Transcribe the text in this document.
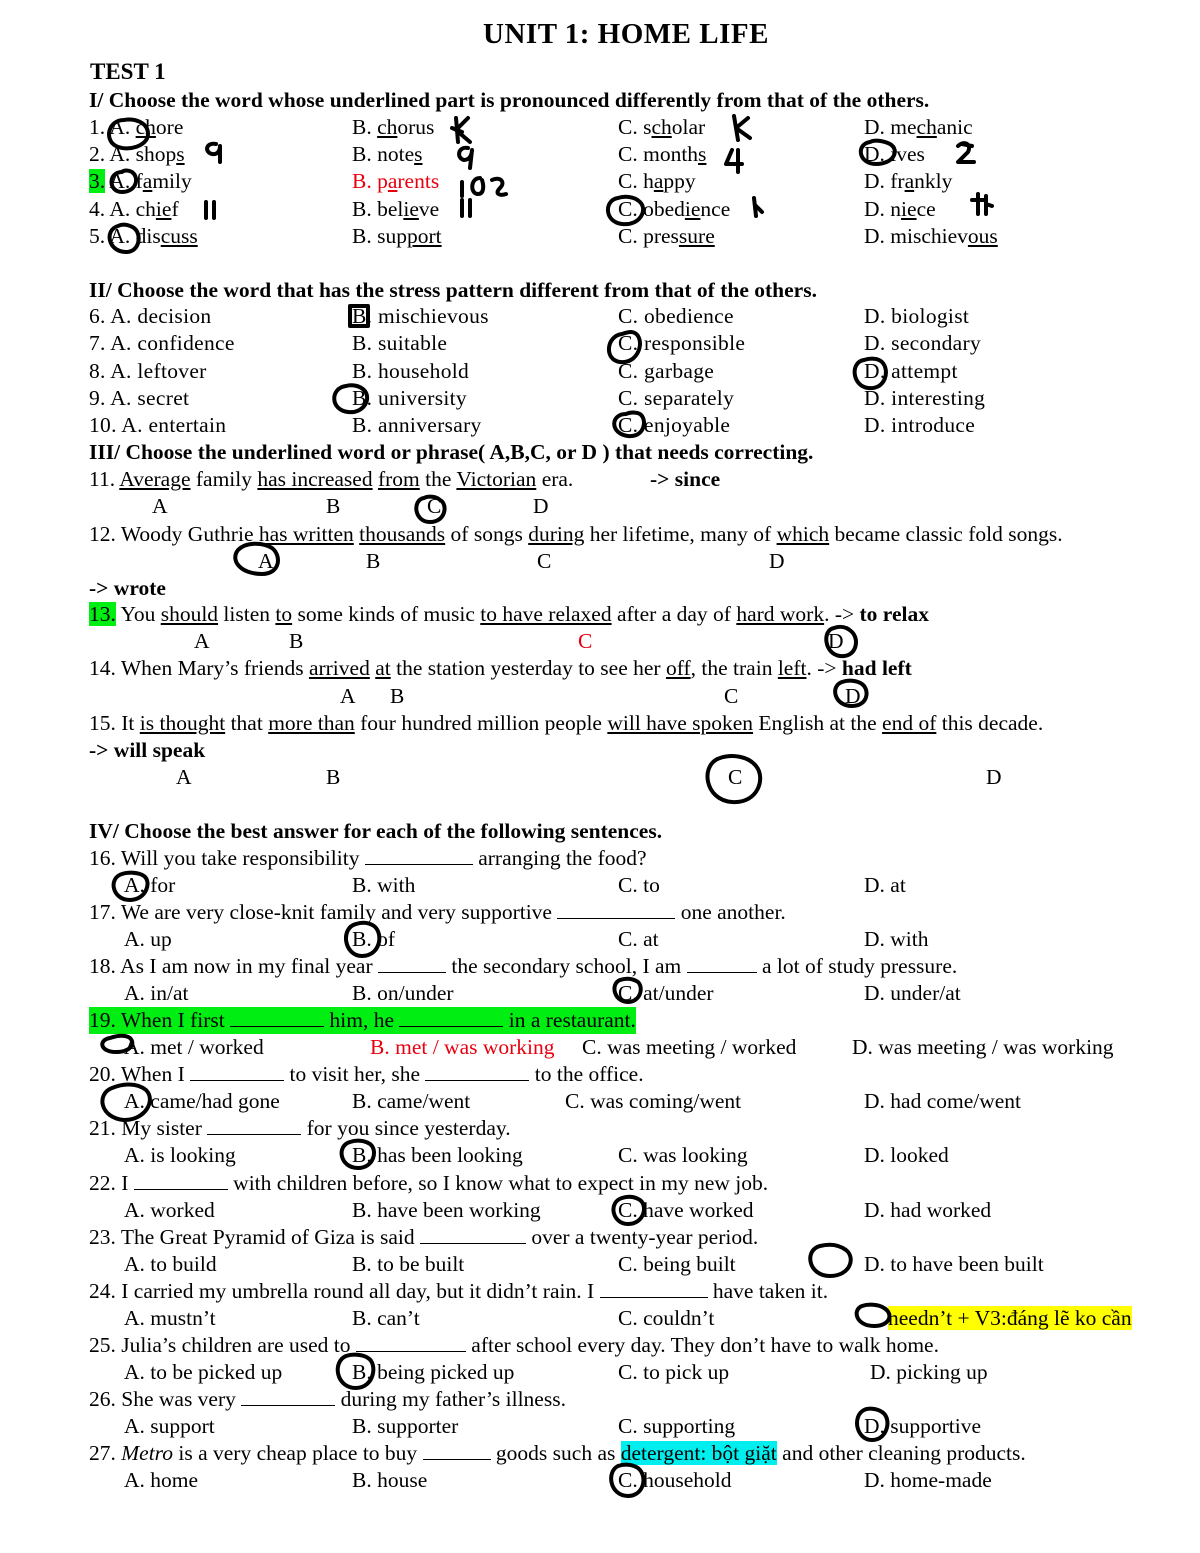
UNIT 1: HOME LIFE
TEST 1
I/ Choose the word whose underlined part is pronounced differently from that of the others.
1. A. chore	B. chorus	C. scholar	D. mechanic
2. A. shops	B. notes	C. months	D. ives
3. A. family	B. parents	C. happy	D. frankly
4. A. chief	B. believe	C. obedience	D. niece
5. A. discuss	B. support	C. pressure	D. mischievous
II/ Choose the word that has the stress pattern different from that of the others.
6. A. decision	B. mischievous	C. obedience	D. biologist
7. A. confidence	B. suitable	C. responsible	D. secondary
8. A. leftover	B. household	C. garbage	D. attempt
9. A. secret	B. university	C. separately	D. interesting
10. A. entertain	B. anniversary	C. enjoyable	D. introduce
III/ Choose the underlined word or phrase( A,B,C, or D ) that needs correcting.
11. Average family has increased from the Victorian era.	-> since
A	B	C	D
12. Woody Guthrie has written thousands of songs during her lifetime, many of which became classic fold songs.
A	B	C	D
-> wrote
13. You should listen to some kinds of music to have relaxed after a day of hard work. -> to relax
A	B	C	D
14. When Mary’s friends arrived at the station yesterday to see her off, the train left. -> had left
A B	C	D
15. It is thought that more than four hundred million people will have spoken English at the end of this decade.
-> will speak
A	B	C	D
IV/ Choose the best answer for each of the following sentences.
16. Will you take responsibility	arranging the food?
A. for	B. with	C. to	D. at
17. We are very close-knit family and very supportive	one another.
A. up	B. of	C. at	D. with
18. As I am now in my final year	the secondary school, I am	a lot of study pressure.
A. in/at	B. on/under	C. at/under	D. under/at
19. When I first	him, he	in a restaurant.
A. met / worked	B. met / was working C. was meeting / worked	D. was meeting / was working
20. When I	to visit her, she	to the office.
A. came/had gone	B. came/went	C. was coming/went	D. had come/went
21. My sister	for you since yesterday.
A. is looking	B. has been looking	C. was looking	D. looked
22. I	with children before, so I know what to expect in my new job.
A. worked	B. have been working	C. have worked	D. had worked
23. The Great Pyramid of Giza is said	over a twenty-year period.
A. to build	B. to be built	C. being built	D. to have been built
24. I carried my umbrella round all day, but it didn’t rain. I	have taken it.
A. mustn’t	B. can’t	C. couldn’t	needn’t + V3:đáng lẽ ko cần
25. Julia’s children are used to	after school every day. They don’t have to walk home.
A. to be picked up	B. being picked up	C. to pick up	D. picking up
26. She was very	during my father’s illness.
A. support	B. supporter	C. supporting	D. supportive
27. Metro is a very cheap place to buy	goods such as detergent: bột giặt and other cleaning products.
A. home	B. house	C. household	D. home-made
